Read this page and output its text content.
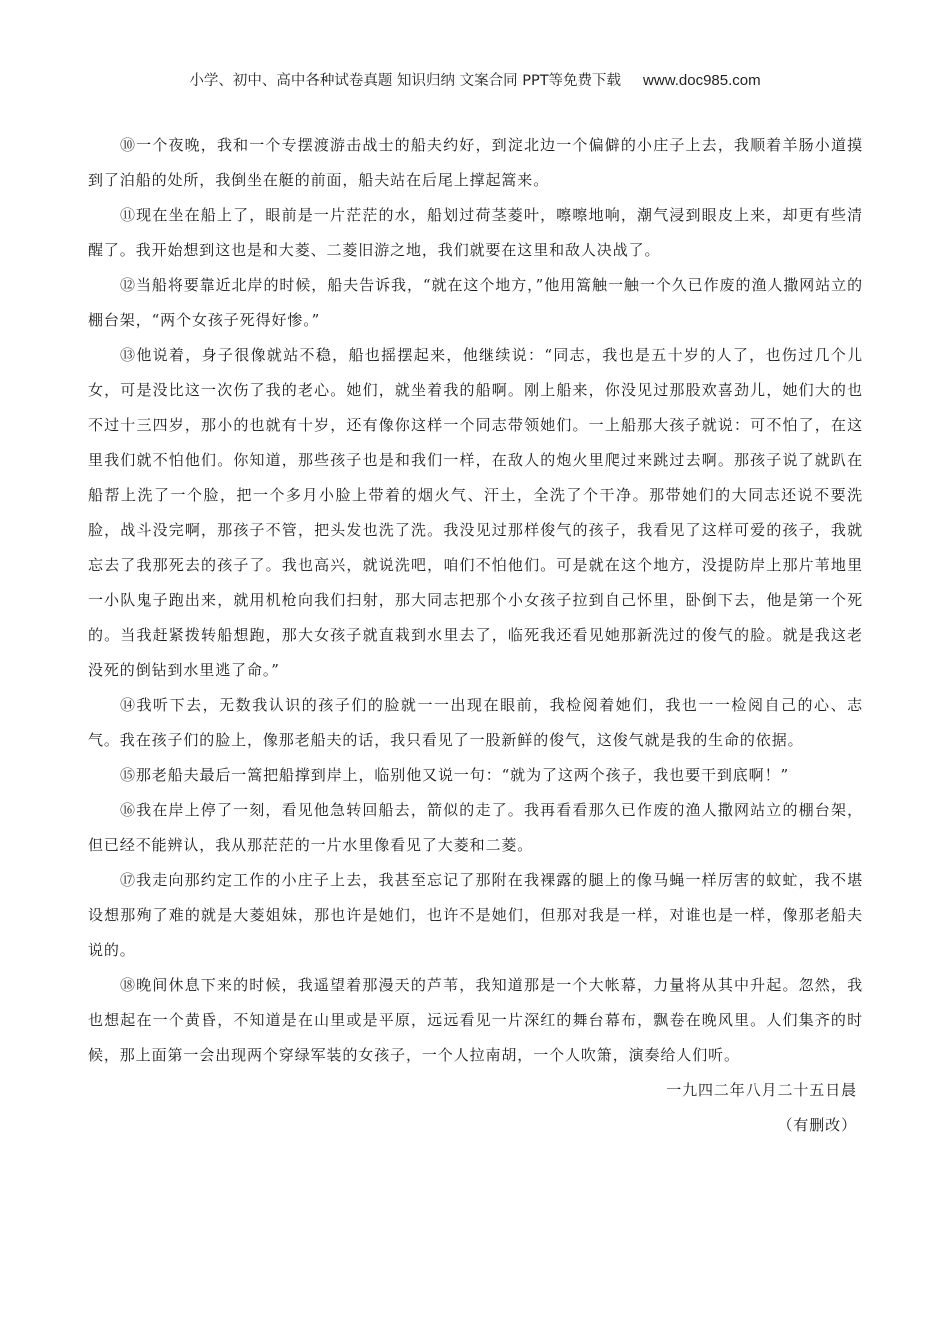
小学、初中、高中各种试卷真题 知识归纳 文案合同 PPT等免费下载 www.doc985.com

⑩一个夜晚，我和一个专摆渡游击战士的船夫约好，到淀北边一个偏僻的小庄子上去，我顺着羊肠小道摸到了泊船的处所，我倒坐在艇的前面，船夫站在后尾上撑起篙来。

⑪现在坐在船上了，眼前是一片茫茫的水，船划过荷茎菱叶，嚓嚓地响，潮气浸到眼皮上来，却更有些清醒了。我开始想到这也是和大菱、二菱旧游之地，我们就要在这里和敌人决战了。

⑫当船将要靠近北岸的时候，船夫告诉我，“就在这个地方，”他用篙触一触一个久已作废的渔人撒网站立的棚台架，“两个女孩子死得好惨。”

⑬他说着，身子很像就站不稳，船也摇摆起来，他继续说：“同志，我也是五十岁的人了，也伤过几个儿女，可是没比这一次伤了我的老心。她们，就坐着我的船啊。刚上船来，你没见过那股欢喜劲儿，她们大的也不过十三四岁，那小的也就有十岁，还有像你这样一个同志带领她们。一上船那大孩子就说：可不怕了，在这里我们就不怕他们。你知道，那些孩子也是和我们一样，在敌人的炮火里爬过来跳过去啊。那孩子说了就趴在船帮上洗了一个脸，把一个多月小脸上带着的烟火气、汗土，全洗了个干净。那带她们的大同志还说不要洗脸，战斗没完啊，那孩子不管，把头发也洗了洗。我没见过那样俊气的孩子，我看见了这样可爱的孩子，我就忘去了我那死去的孩子了。我也高兴，就说洗吧，咱们不怕他们。可是就在这个地方，没提防岸上那片苇地里一小队鬼子跑出来，就用机枪向我们扫射，那大同志把那个小女孩子拉到自己怀里，卧倒下去，他是第一个死的。当我赶紧拨转船想跑，那大女孩子就直栽到水里去了，临死我还看见她那新洗过的俊气的脸。就是我这老没死的倒钻到水里逃了命。”

⑭我听下去，无数我认识的孩子们的脸就一一出现在眼前，我检阅着她们，我也一一检阅自己的心、志气。我在孩子们的脸上，像那老船夫的话，我只看见了一股新鲜的俊气，这俊气就是我的生命的依据。

⑮那老船夫最后一篙把船撑到岸上，临别他又说一句：“就为了这两个孩子，我也要干到底啊！”

⑯我在岸上停了一刻，看见他急转回船去，箭似的走了。我再看看那久已作废的渔人撒网站立的棚台架，但已经不能辨认，我从那茫茫的一片水里像看见了大菱和二菱。

⑰我走向那约定工作的小庄子上去，我甚至忘记了那附在我裸露的腿上的像马蝇一样厉害的蚊虻，我不堪设想那殉了难的就是大菱姐妹，那也许是她们，也许不是她们，但那对我是一样，对谁也是一样，像那老船夫说的。

⑱晚间休息下来的时候，我遥望着那漫天的芦苇，我知道那是一个大帐幕，力量将从其中升起。忽然，我也想起在一个黄昏，不知道是在山里或是平原，远远看见一片深红的舞台幕布，飘卷在晚风里。人们集齐的时候，那上面第一会出现两个穿绿军装的女孩子，一个人拉南胡，一个人吹箫，演奏给人们听。

一九四二年八月二十五日晨

（有删改）
